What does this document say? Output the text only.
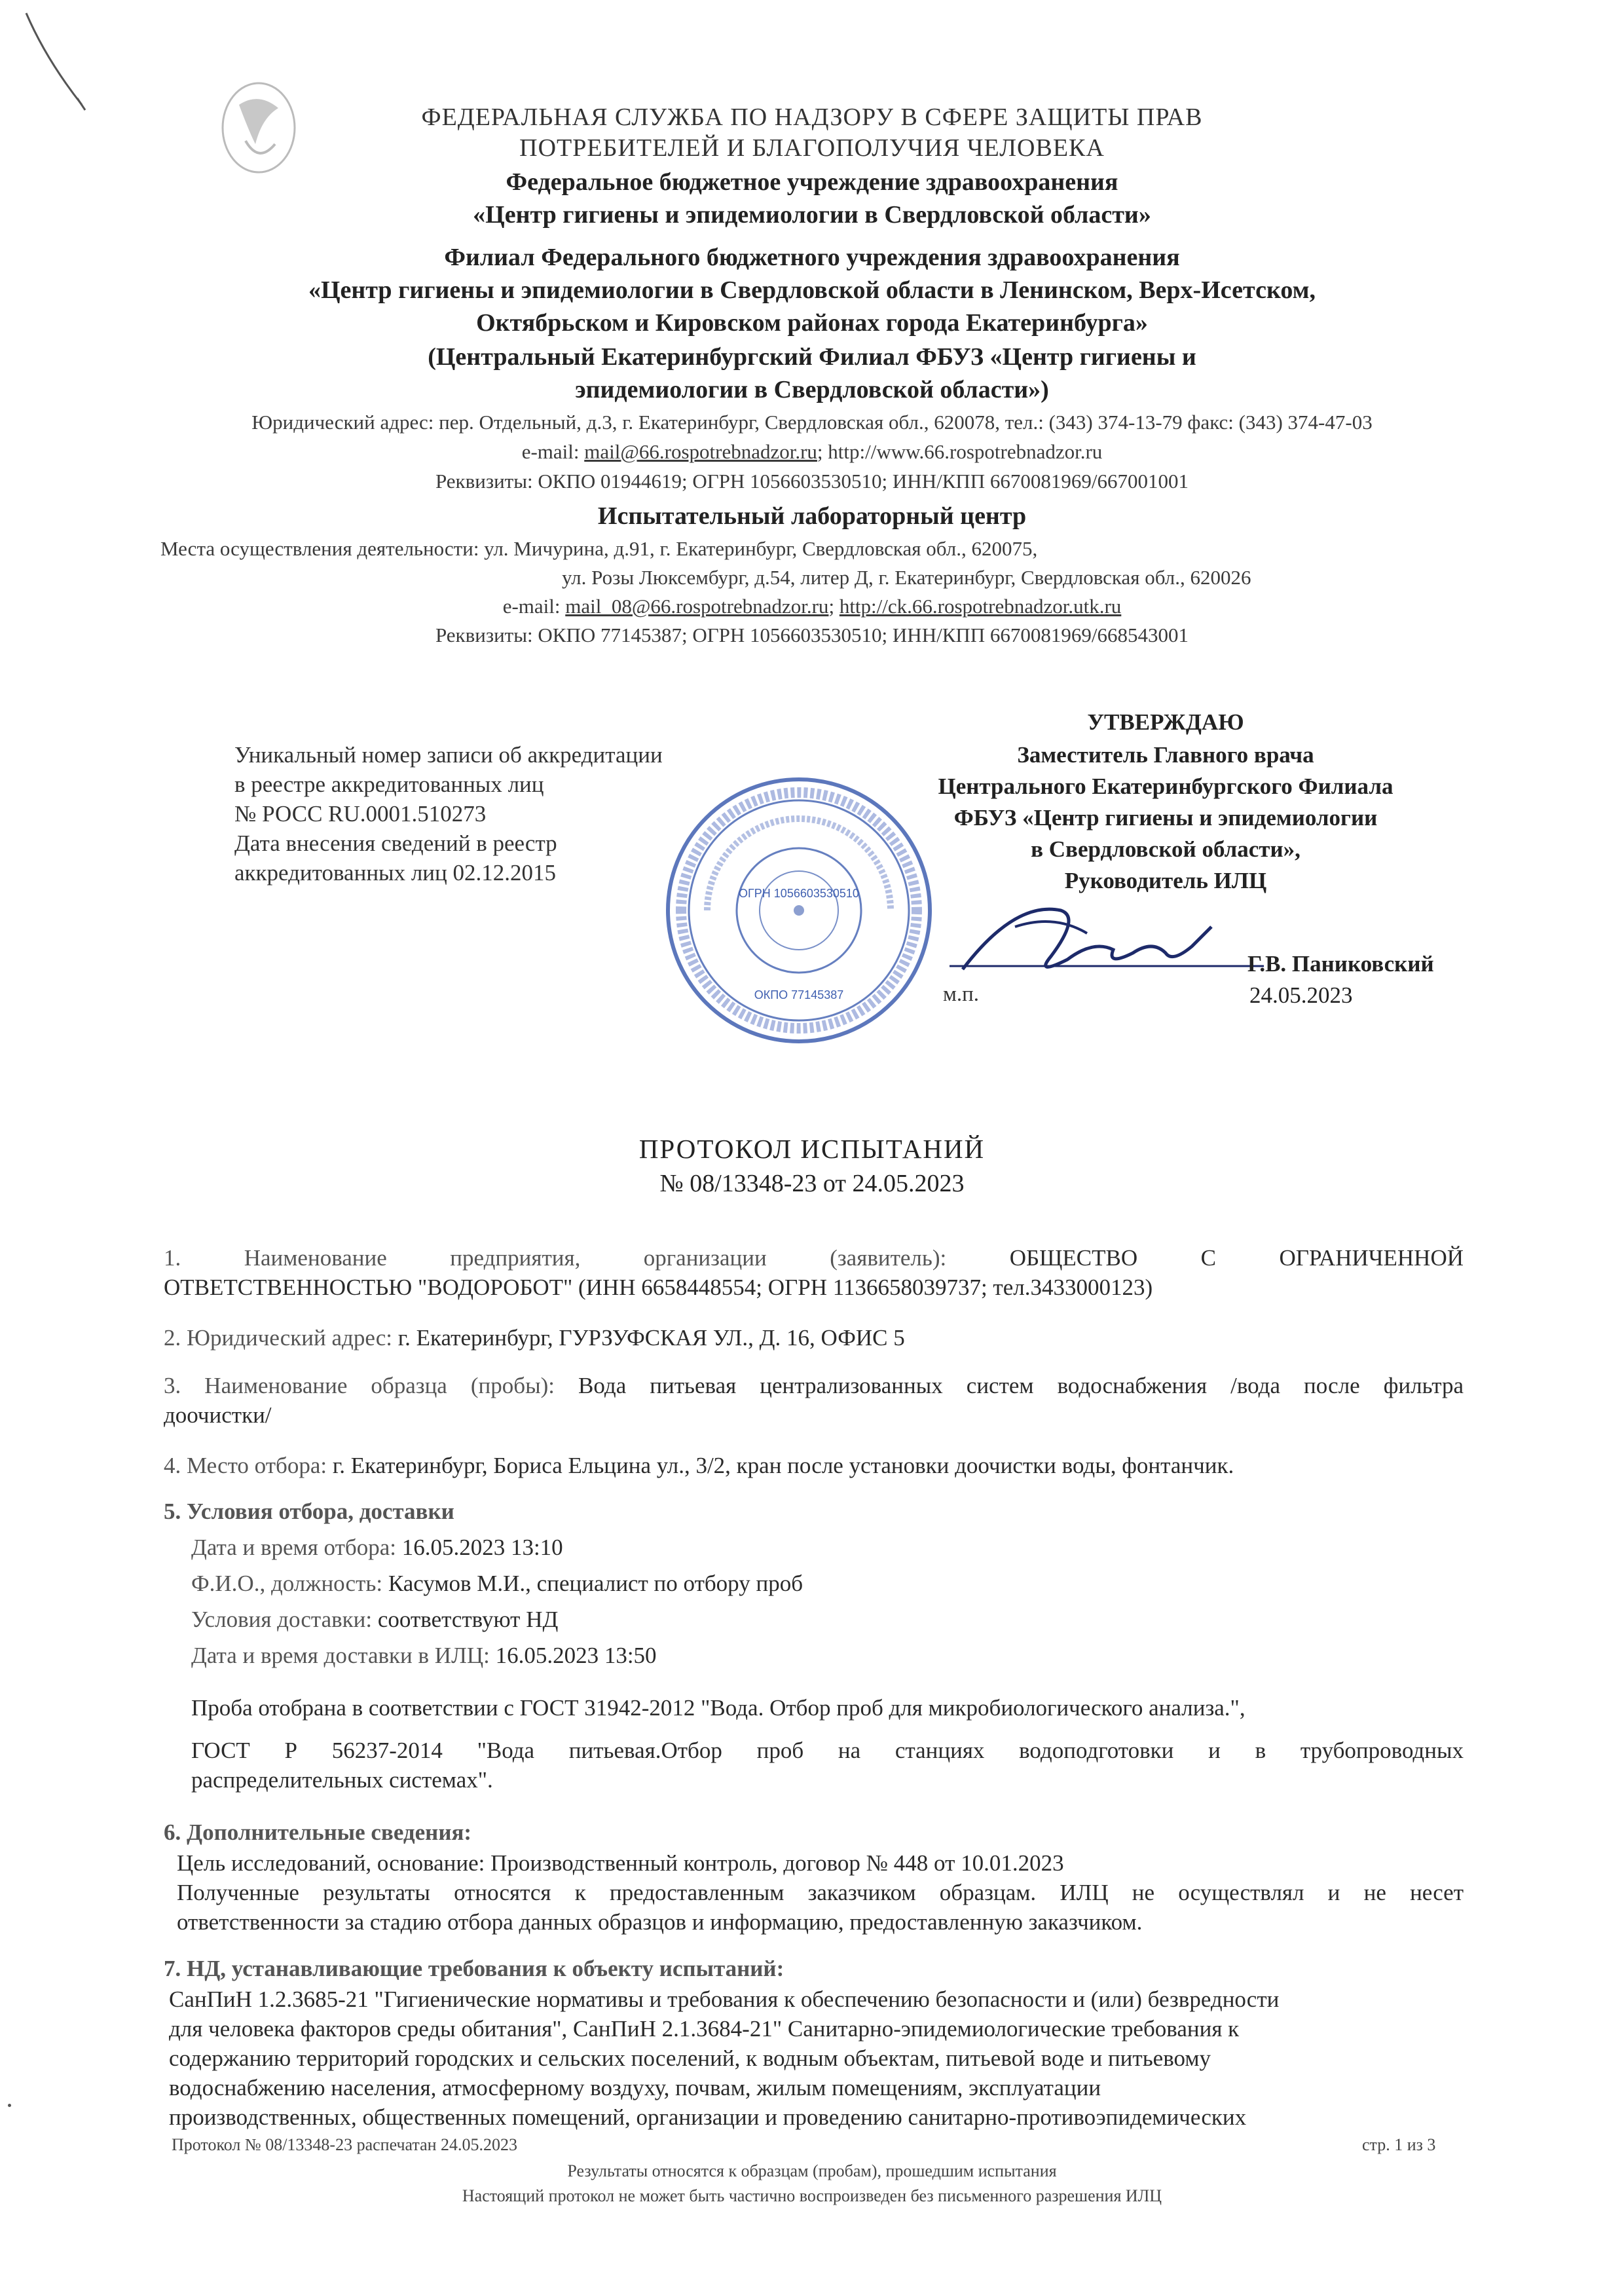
ФЕДЕРАЛЬНАЯ СЛУЖБА ПО НАДЗОРУ В СФЕРЕ ЗАЩИТЫ ПРАВ
ПОТРЕБИТЕЛЕЙ И БЛАГОПОЛУЧИЯ ЧЕЛОВЕКА
Федеральное бюджетное учреждение здравоохранения
«Центр гигиены и эпидемиологии в Свердловской области»
Филиал Федерального бюджетного учреждения здравоохранения
«Центр гигиены и эпидемиологии в Свердловской области в Ленинском, Верх-Исетском,
Октябрьском и Кировском районах города Екатеринбурга»
(Центральный Екатеринбургский Филиал ФБУЗ «Центр гигиены и
эпидемиологии в Свердловской области»)
Юридический адрес: пер. Отдельный, д.3, г. Екатеринбург, Свердловская обл., 620078, тел.: (343) 374-13-79 факс: (343) 374-47-03
e-mail: mail@66.rospotrebnadzor.ru; http://www.66.rospotrebnadzor.ru
Реквизиты: ОКПО 01944619; ОГРН 1056603530510; ИНН/КПП 6670081969/667001001
Испытательный лабораторный центр
Места осуществления деятельности: ул. Мичурина, д.91, г. Екатеринбург, Свердловская обл., 620075,
ул. Розы Люксембург, д.54, литер Д, г. Екатеринбург, Свердловская обл., 620026
e-mail: mail_08@66.rospotrebnadzor.ru; http://ck.66.rospotrebnadzor.utk.ru
Реквизиты: ОКПО 77145387; ОГРН 1056603530510; ИНН/КПП 6670081969/668543001
Уникальный номер записи об аккредитации
в реестре аккредитованных лиц
№ РОСС RU.0001.510273
Дата внесения сведений в реестр
аккредитованных лиц 02.12.2015
ОГРН 1056603530510
ОКПО 77145387
УТВЕРЖДАЮ
Заместитель Главного врача
Центрального Екатеринбургского Филиала
ФБУЗ «Центр гигиены и эпидемиологии
в Свердловской области»,
Руководитель ИЛЦ
Г.В. Паниковский
м.п.	24.05.2023
ПРОТОКОЛ ИСПЫТАНИЙ
№ 08/13348-23 от 24.05.2023
1. Наименование предприятия, организации (заявитель):	ОБЩЕСТВО С ОГРАНИЧЕННОЙ
ОТВЕТСТВЕННОСТЬЮ "ВОДОРОБОТ" (ИНН 6658448554; ОГРН 1136658039737; тел.3433000123)
2. Юридический адрес: г. Екатеринбург, ГУРЗУФСКАЯ УЛ., Д. 16, ОФИС 5
3. Наименование образца (пробы): Вода питьевая централизованных систем водоснабжения /вода после фильтра
доочистки/
4. Место отбора: г. Екатеринбург, Бориса Ельцина ул., 3/2, кран после установки доочистки воды, фонтанчик.
5. Условия отбора, доставки
Дата и время отбора: 16.05.2023 13:10
Ф.И.О., должность: Касумов М.И., специалист по отбору проб
Условия доставки: соответствуют НД
Дата и время доставки в ИЛЦ: 16.05.2023 13:50
Проба отобрана в соответствии с ГОСТ 31942-2012 "Вода. Отбор проб для микробиологического анализа.",
ГОСТ Р 56237-2014 "Вода питьевая.Отбор проб на станциях водоподготовки и в трубопроводных
распределительных системах".
6. Дополнительные сведения:
Цель исследований, основание: Производственный контроль, договор № 448 от 10.01.2023
Полученные результаты относятся к предоставленным заказчиком образцам. ИЛЦ не осуществлял и не несет
ответственности за стадию отбора данных образцов и информацию, предоставленную заказчиком.
7. НД, устанавливающие требования к объекту испытаний:
СанПиН 1.2.3685-21 "Гигиенические нормативы и требования к обеспечению безопасности и (или) безвредности
для человека факторов среды обитания", СанПиН 2.1.3684-21" Санитарно-эпидемиологические требования к
содержанию территорий городских и сельских поселений, к водным объектам, питьевой воде и питьевому
водоснабжению населения, атмосферному воздуху, почвам, жилым помещениям, эксплуатации
производственных, общественных помещений, организации и проведению санитарно-противоэпидемических
Протокол № 08/13348-23 распечатан 24.05.2023	стр. 1 из 3
Результаты относятся к образцам (пробам), прошедшим испытания
Настоящий протокол не может быть частично воспроизведен без письменного разрешения ИЛЦ
